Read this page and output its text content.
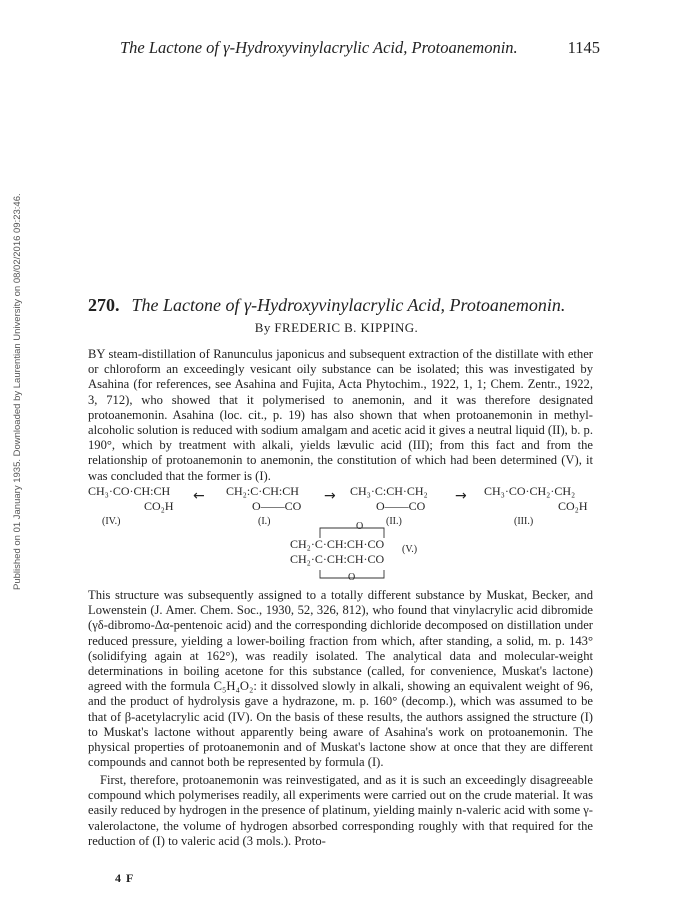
Published on 01 January 1935. Downloaded by Laurentian University on 08/02/2016 09:23:46.
The Lactone of γ-Hydroxyvinylacrylic Acid, Protoanemonin.	1145
270. The Lactone of γ-Hydroxyvinylacrylic Acid, Protoanemonin.
By FREDERIC B. KIPPING.
BY steam-distillation of Ranunculus japonicus and subsequent extraction of the distillate with ether or chloroform an exceedingly vesicant oily substance can be isolated; this was investigated by Asahina (for references, see Asahina and Fujita, Acta Phytochim., 1922, 1, 1; Chem. Zentr., 1922, 3, 712), who showed that it polymerised to anemonin, and it was therefore designated protoanemonin. Asahina (loc. cit., p. 19) has also shown that when protoanemonin in methyl-alcoholic solution is reduced with sodium amalgam and acetic acid it gives a neutral liquid (II), b. p. 190°, which by treatment with alkali, yields lævulic acid (III); from this fact and from the relationship of protoanemonin to anemonin, the constitution of which had been determined (V), it was concluded that the former is (I).
CH₃·CO·CH:CH
CO₂H
(IV.)
← CH₂:C·CH:CH
O——CO
(I.)
→ CH₃·C:CH·CH₂
O——CO
(II.)
→ CH₃·CO·CH₂·CH₂
CO₂H
(III.)
O
CH₂·C·CH:CH·CO
CH₂·C·CH:CH·CO
O
(V.)
This structure was subsequently assigned to a totally different substance by Muskat, Becker, and Lowenstein (J. Amer. Chem. Soc., 1930, 52, 326, 812), who found that vinylacrylic acid dibromide (γδ-dibromo-Δα-pentenoic acid) and the corresponding dichloride decomposed on distillation under reduced pressure, yielding a lower-boiling fraction from which, after standing, a solid, m. p. 143° (solidifying again at 162°), was readily isolated. The analytical data and molecular-weight determinations in boiling acetone for this substance (called, for convenience, Muskat's lactone) agreed with the formula C₅H₄O₂: it dissolved slowly in alkali, showing an equivalent weight of 96, and the product of hydrolysis gave a hydrazone, m. p. 160° (decomp.), which was assumed to be that of β-acetylacrylic acid (IV). On the basis of these results, the authors assigned the structure (I) to Muskat's lactone without apparently being aware of Asahina's work on protoanemonin. The physical properties of protoanemonin and of Muskat's lactone show at once that they are different compounds and cannot both be represented by formula (I).
First, therefore, protoanemonin was reinvestigated, and as it is such an exceedingly disagreeable compound which polymerises readily, all experiments were carried out on the crude material. It was easily reduced by hydrogen in the presence of platinum, yielding mainly n-valeric acid with some γ-valerolactone, the volume of hydrogen absorbed corresponding roughly with that required for the reduction of (I) to valeric acid (3 mols.). Proto-
4 F
